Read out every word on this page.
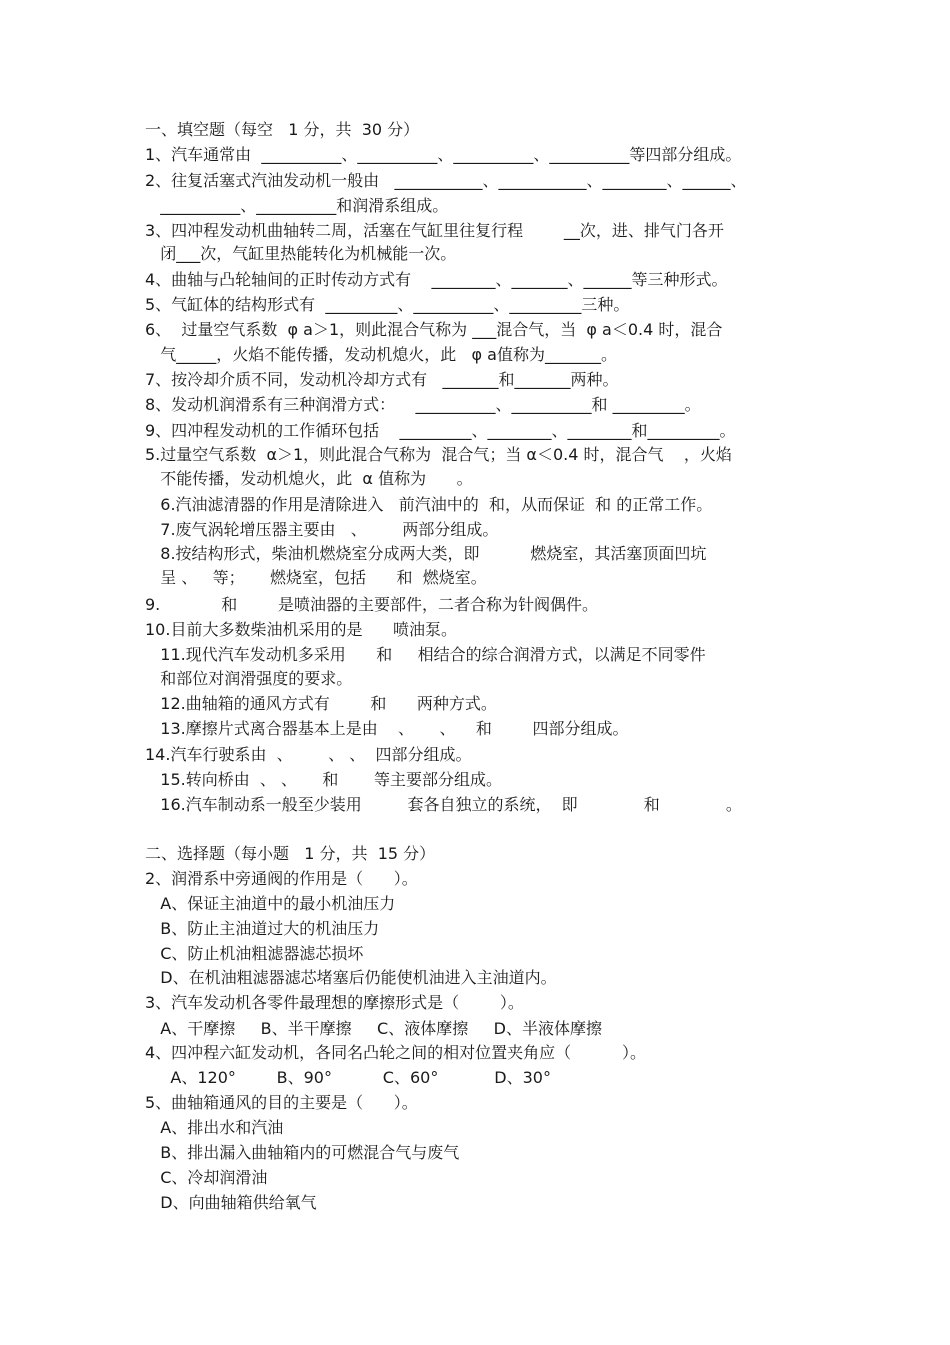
一、填空题（每空   1 分，共  30 分）
1、汽车通常由  __________、__________、__________、__________等四部分组成。
2、往复活塞式汽油发动机一般由   ___________、___________、________、______、
__________、__________和润滑系组成。
3、四冲程发动机曲轴转二周，活塞在气缸里往复行程        __次，进、排气门各开
闭___次，气缸里热能转化为机械能一次。
4、曲轴与凸轮轴间的正时传动方式有    ________、_______、______等三种形式。
5、气缸体的结构形式有  _________、__________、_________三种。
6、  过量空气系数  φ a＞1，则此混合气称为 ___混合气，当  φ a＜0.4 时，混合
气_____，火焰不能传播，发动机熄火，此   φ a值称为_______。
7、按冷却介质不同，发动机冷却方式有   _______和_______两种。
8、发动机润滑系有三种润滑方式：    __________、__________和 _________。
9、四冲程发动机的工作循环包括    _________、________、________和_________。
5.过量空气系数  α＞1，则此混合气称为  混合气；当 α＜0.4 时，混合气    ，火焰
不能传播，发动机熄火，此  α 值称为      。
6.汽油滤清器的作用是清除进入   前汽油中的  和，从而保证  和 的正常工作。
7.废气涡轮增压器主要由   、       两部分组成。
8.按结构形式，柴油机燃烧室分成两大类，即          燃烧室，其活塞顶面凹坑
呈 、   等；     燃烧室，包括      和  燃烧室。
9.            和        是喷油器的主要部件，二者合称为针阀偶件。
10.目前大多数柴油机采用的是      喷油泵。
11.现代汽车发动机多采用      和     相结合的综合润滑方式，以满足不同零件
和部位对润滑强度的要求。
12.曲轴箱的通风方式有        和      两种方式。
13.摩擦片式离合器基本上是由    、     、    和        四部分组成。
14.汽车行驶系由  、       、 、  四部分组成。
15.转向桥由  、 、     和       等主要部分组成。
16.汽车制动系一般至少装用         套各自独立的系统，  即             和             。
二、选择题（每小题   1 分，共  15 分）
2、润滑系中旁通阀的作用是（      ）。
A、保证主油道中的最小机油压力
B、防止主油道过大的机油压力
C、防止机油粗滤器滤芯损坏
D、在机油粗滤器滤芯堵塞后仍能使机油进入主油道内。
3、汽车发动机各零件最理想的摩擦形式是（        ）。
A、干摩擦     B、半干摩擦     C、液体摩擦     D、半液体摩擦
4、四冲程六缸发动机，各同名凸轮之间的相对位置夹角应（          ）。
A、120°        B、90°          C、60°           D、30°
5、曲轴箱通风的目的主要是（      ）。
A、排出水和汽油
B、排出漏入曲轴箱内的可燃混合气与废气
C、冷却润滑油
D、向曲轴箱供给氧气
